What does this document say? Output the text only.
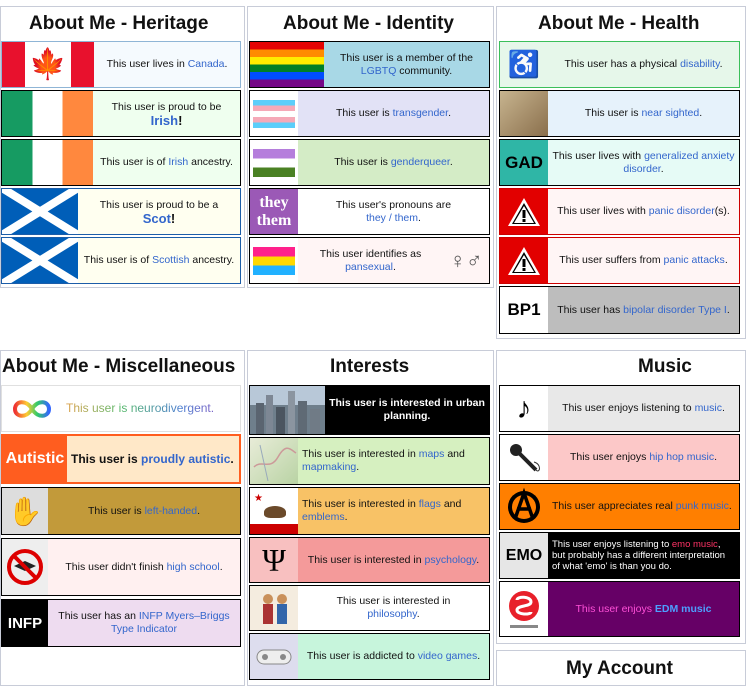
About Me - Heritage	About Me - Identity	About Me - Health
About Me - Miscellaneous	Interests	Music
My Account
🍁	This user lives in Canada.
This user is proud to be
Irish!
This user is of Irish ancestry.
This user is proud to be a
Scot!
This user is of Scottish ancestry.
This user is a member of the LGBTQ community.
This user is transgender.
This user is genderqueer.
they them
This user's pronouns are
they / them.
This user identifies as pansexual.	♀♂
♿	This user has a physical disability.
This user is near sighted.
GAD This user lives with generalized anxiety disorder.
This user lives with panic disorder(s).
This user suffers from panic attacks.
BP1	This user has bipolar disorder Type I.
This user is neurodivergent.
Autistic This user is proudly autistic.
✋	This user is left-handed.
This user didn't finish high school.
INFP	This user has an INFP Myers–Briggs Type Indicator
This user is interested in urban planning.
This user is interested in maps and mapmaking.
★	This user is interested in flags and emblems.
Ψ	This user is interested in psychology.
This user is interested in
philosophy.
This user is addicted to video games.
♪	This user enjoys listening to music.
This user enjoys hip hop music.
This user appreciates real punk music.
EMO
This user enjoys listening to emo music, but probably has a different interpretation of what 'emo' is than you do.
This user enjoys EDM music
